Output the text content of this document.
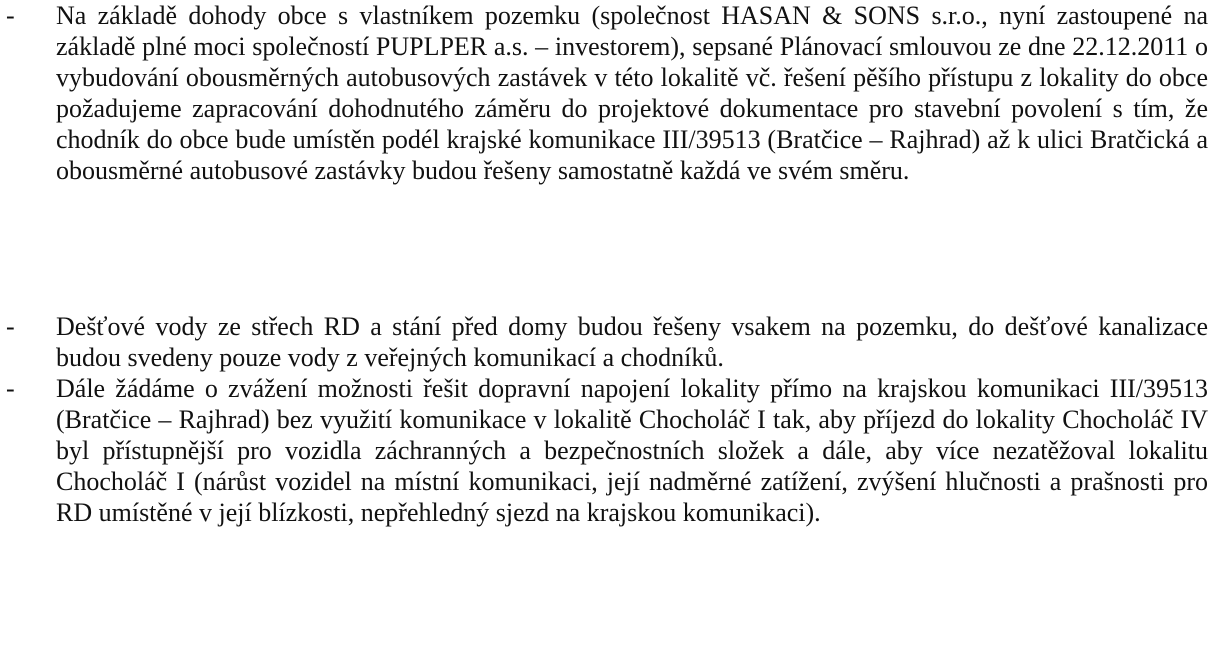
- Na základě dohody obce s vlastníkem pozemku (společnost HASAN & SONS s.r.o., nyní zastoupené na základě plné moci společností PUPLPER a.s. – investorem), sepsané Plánovací smlouvou ze dne 22.12.2011 o vybudování obousměrných autobusových zastávek v této lokalitě vč. řešení pěšího přístupu z lokality do obce požadujeme zapracování dohodnutého záměru do projektové dokumentace pro stavební povolení s tím, že chodník do obce bude umístěn podél krajské komunikace III/39513 (Bratčice – Rajhrad) až k ulici Bratčická a obousměrné autobusové zastávky budou řešeny samostatně každá ve svém směru.
- Dešťové vody ze střech RD a stání před domy budou řešeny vsakem na pozemku, do dešťové kanalizace budou svedeny pouze vody z veřejných komunikací a chodníků.
- Dále žádáme o zvážení možnosti řešit dopravní napojení lokality přímo na krajskou komunikaci III/39513 (Bratčice – Rajhrad) bez využití komunikace v lokalitě Chocholáč I tak, aby příjezd do lokality Chocholáč IV byl přístupnější pro vozidla záchranných a bezpečnostních složek a dále, aby více nezatěžoval lokalitu Chocholáč I (nárůst vozidel na místní komunikaci, její nadměrné zatížení, zvýšení hlučnosti a prašnosti pro RD umístěné v její blízkosti, nepřehledný sjezd na krajskou komunikaci).
